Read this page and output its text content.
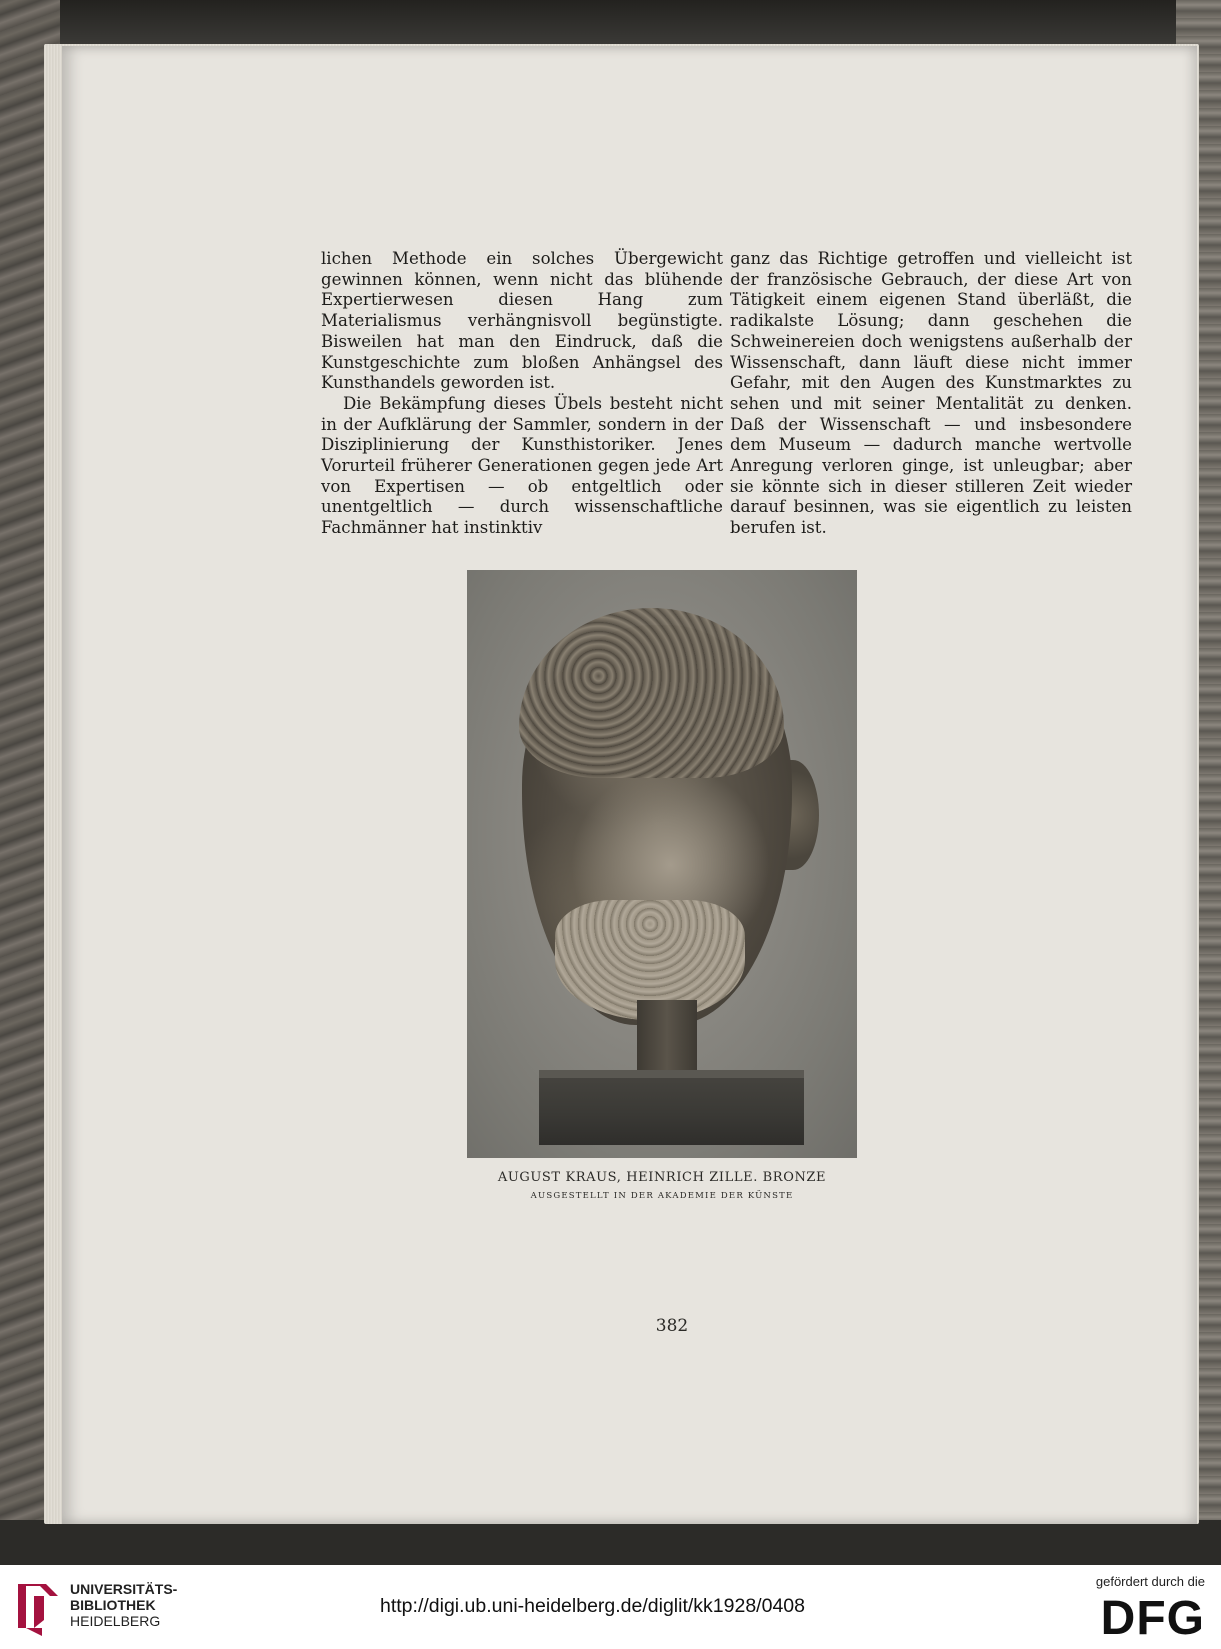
lichen Methode ein solches Übergewicht gewinnen können, wenn nicht das blühende Expertierwesen diesen Hang zum Materialismus verhängnisvoll begünstigte. Bisweilen hat man den Eindruck, daß die Kunstgeschichte zum bloßen Anhängsel des Kunsthandels geworden ist.

Die Bekämpfung dieses Übels besteht nicht in der Aufklärung der Sammler, sondern in der Disziplinierung der Kunsthistoriker. Jenes Vorurteil früherer Generationen gegen jede Art von Expertisen — ob entgeltlich oder unentgeltlich — durch wissenschaftliche Fachmänner hat instinktiv

ganz das Richtige getroffen und vielleicht ist der französische Gebrauch, der diese Art von Tätigkeit einem eigenen Stand überläßt, die radikalste Lösung; dann geschehen die Schweinereien doch wenigstens außerhalb der Wissenschaft, dann läuft diese nicht immer Gefahr, mit den Augen des Kunstmarktes zu sehen und mit seiner Mentalität zu denken. Daß der Wissenschaft — und insbesondere dem Museum — dadurch manche wertvolle Anregung verloren ginge, ist unleugbar; aber sie könnte sich in dieser stilleren Zeit wieder darauf besinnen, was sie eigentlich zu leisten berufen ist.

AUGUST KRAUS, HEINRICH ZILLE. BRONZE
AUSGESTELLT IN DER AKADEMIE DER KÜNSTE
382
UNIVERSITÄTS-
BIBLIOTHEK
HEIDELBERG
http://digi.ub.uni-heidelberg.de/diglit/kk1928/0408
gefördert durch die
DFG
